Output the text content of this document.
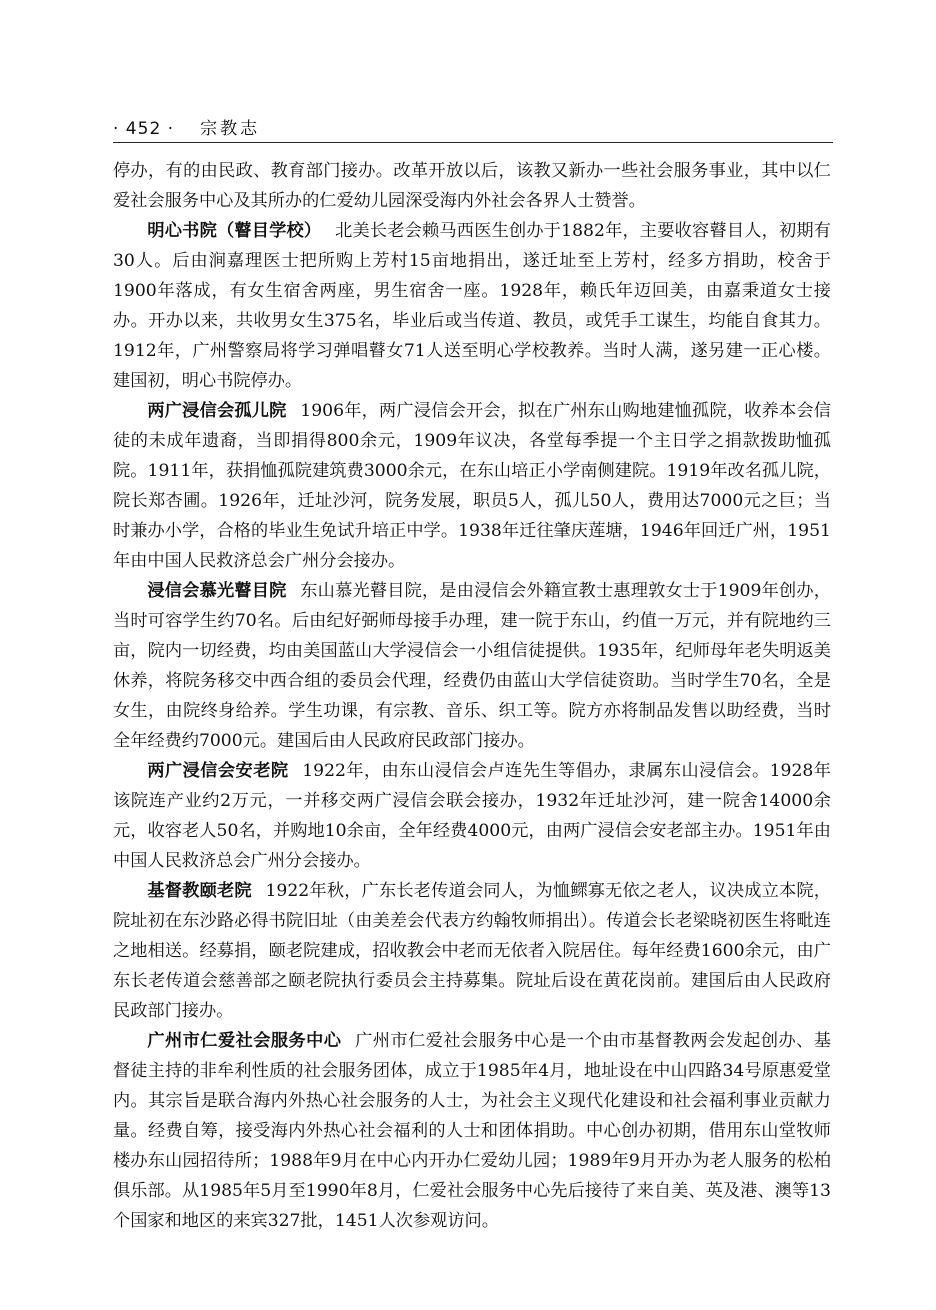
· 452 · 宗教志

停办，有的由民政、教育部门接办。改革开放以后，该教又新办一些社会服务事业，其中以仁爱社会服务中心及其所办的仁爱幼儿园深受海内外社会各界人士赞誉。

明心书院（瞽目学校） 北美长老会赖马西医生创办于1882年，主要收容瞽目人，初期有30人。后由涧嘉理医士把所购上芳村15亩地捐出，遂迁址至上芳村，经多方捐助，校舍于1900年落成，有女生宿舍两座，男生宿舍一座。1928年，赖氏年迈回美，由嘉秉道女士接办。开办以来，共收男女生375名，毕业后或当传道、教员，或凭手工谋生，均能自食其力。1912年，广州警察局将学习弹唱瞽女71人送至明心学校教养。当时人满，遂另建一正心楼。建国初，明心书院停办。

两广浸信会孤儿院 1906年，两广浸信会开会，拟在广州东山购地建恤孤院，收养本会信徒的未成年遗裔，当即捐得800余元，1909年议决，各堂每季提一个主日学之捐款拨助恤孤院。1911年，获捐恤孤院建筑费3000余元，在东山培正小学南侧建院。1919年改名孤儿院，院长郑杏圃。1926年，迁址沙河，院务发展，职员5人，孤儿50人，费用达7000元之巨；当时兼办小学，合格的毕业生免试升培正中学。1938年迁往肇庆莲塘，1946年回迁广州，1951年由中国人民救济总会广州分会接办。

浸信会慕光瞽目院 东山慕光瞽目院，是由浸信会外籍宣教士惠理敦女士于1909年创办，当时可容学生约70名。后由纪好弼师母接手办理，建一院于东山，约值一万元，并有院地约三亩，院内一切经费，均由美国蓝山大学浸信会一小组信徒提供。1935年，纪师母年老失明返美休养，将院务移交中西合组的委员会代理，经费仍由蓝山大学信徒资助。当时学生70名，全是女生，由院终身给养。学生功课，有宗教、音乐、织工等。院方亦将制品发售以助经费，当时全年经费约7000元。建国后由人民政府民政部门接办。

两广浸信会安老院 1922年，由东山浸信会卢连先生等倡办，隶属东山浸信会。1928年该院连产业约2万元，一并移交两广浸信会联会接办，1932年迁址沙河，建一院舍14000余元，收容老人50名，并购地10余亩，全年经费4000元，由两广浸信会安老部主办。1951年由中国人民救济总会广州分会接办。

基督教颐老院 1922年秋，广东长老传道会同人，为恤鳏寡无依之老人，议决成立本院，院址初在东沙路必得书院旧址（由美差会代表方约翰牧师捐出）。传道会长老梁晓初医生将毗连之地相送。经募捐，颐老院建成，招收教会中老而无依者入院居住。每年经费1600余元，由广东长老传道会慈善部之颐老院执行委员会主持募集。院址后设在黄花岗前。建国后由人民政府民政部门接办。

广州市仁爱社会服务中心 广州市仁爱社会服务中心是一个由市基督教两会发起创办、基督徒主持的非牟利性质的社会服务团体，成立于1985年4月，地址设在中山四路34号原惠爱堂内。其宗旨是联合海内外热心社会服务的人士，为社会主义现代化建设和社会福利事业贡献力量。经费自筹，接受海内外热心社会福利的人士和团体捐助。中心创办初期，借用东山堂牧师楼办东山园招待所；1988年9月在中心内开办仁爱幼儿园；1989年9月开办为老人服务的松柏俱乐部。从1985年5月至1990年8月，仁爱社会服务中心先后接待了来自美、英及港、澳等13个国家和地区的来宾327批，1451人次参观访问。
